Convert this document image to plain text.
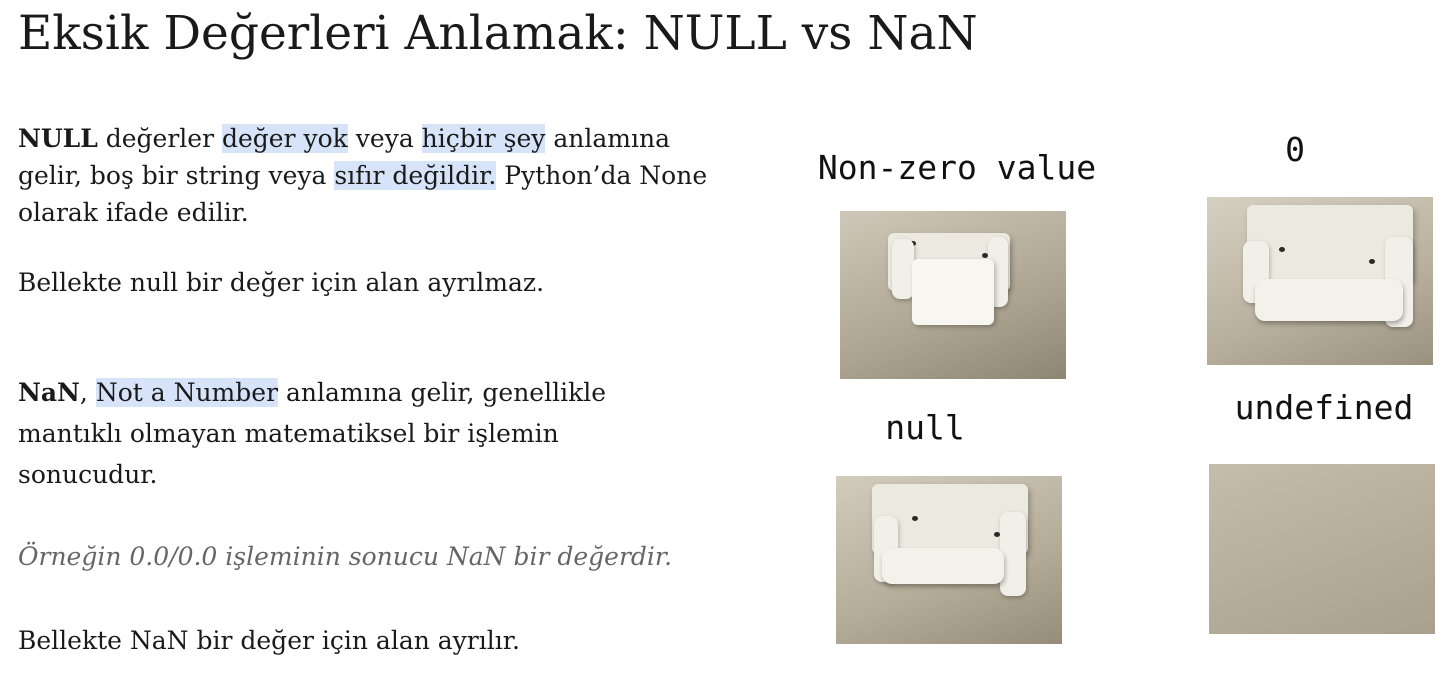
Eksik Değerleri Anlamak: NULL vs NaN

NULL değerler değer yok veya hiçbir şey anlamına gelir, boş bir string veya sıfır değildir. Python’da None olarak ifade edilir.

Bellekte null bir değer için alan ayrılmaz.

NaN, Not a Number anlamına gelir, genellikle mantıklı olmayan matematiksel bir işlemin sonucudur.

Örneğin 0.0/0.0 işleminin sonucu NaN bir değerdir.

Bellekte NaN bir değer için alan ayrılır.

Non-zero value	0
null
undefined
